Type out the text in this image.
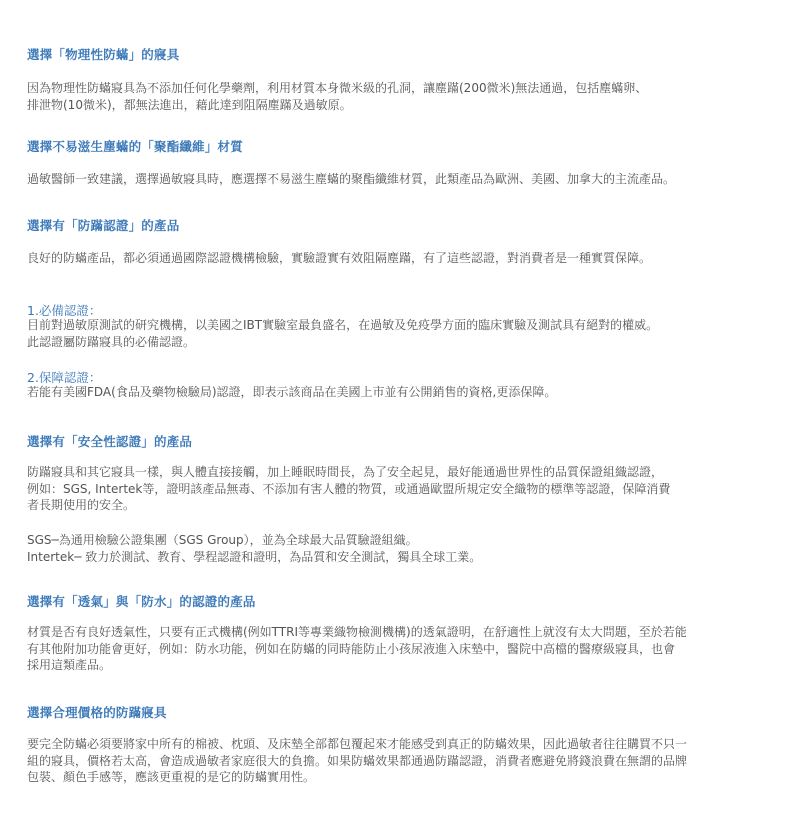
選擇「物理性防蟎」的寢具
因為物理性防蟎寢具為不添加任何化學藥劑，利用材質本身微米級的孔洞，讓塵蹣(200微米)無法通過，包括塵蟎卵、
排泄物(10微米)，都無法進出，藉此達到阻隔塵蹣及過敏原。
選擇不易滋生塵蟎的「聚酯纖維」材質
過敏醫師一致建議，選擇過敏寢具時，應選擇不易滋生塵蟎的聚酯纖維材質，此類產品為歐洲、美國、加拿大的主流產品。
選擇有「防蹣認證」的產品
良好的防蟎產品，都必須通過國際認證機構檢驗，實驗證實有效阻隔塵蹣，有了這些認證，對消費者是一種實質保障。
1.必備認證：
目前對過敏原測試的研究機構，以美國之IBT實驗室最負盛名，在過敏及免疫學方面的臨床實驗及測試具有絕對的權威。
此認證屬防蹣寢具的必備認證。
2.保障認證：
若能有美國FDA(食品及藥物檢驗局)認證，即表示該商品在美國上市並有公開銷售的資格,更添保障。
選擇有「安全性認證」的產品
防蹣寢具和其它寢具一樣，與人體直接接觸，加上睡眠時間長，為了安全起見，最好能通過世界性的品質保證組織認證，
例如：SGS, Intertek等，證明該產品無毒、不添加有害人體的物質，或通過歐盟所規定安全織物的標準等認證，保障消費
者長期使用的安全。
SGS─為通用檢驗公證集團（SGS Group），並為全球最大品質驗證組織。
Intertek─ 致力於測試、教育、學程認證和證明，為品質和安全測試，獨具全球工業。
選擇有「透氣」與「防水」的認證的產品
材質是否有良好透氣性，只要有正式機構(例如TTRI等專業織物檢測機構)的透氣證明，在舒適性上就沒有太大問題，至於若能
有其他附加功能會更好，例如：防水功能，例如在防蟎的同時能防止小孩尿液進入床墊中，醫院中高檔的醫療級寢具，也會
採用這類產品。
選擇合理價格的防蹣寢具
要完全防蟎必須要將家中所有的棉被、枕頭、及床墊全部都包覆起來才能感受到真正的防蟎效果，因此過敏者往往購買不只一
組的寢具，價格若太高，會造成過敏者家庭很大的負擔。如果防蟎效果都通過防蹣認證，消費者應避免將錢浪費在無謂的品牌
包裝、顏色手感等，應該更重視的是它的防蟎實用性。
